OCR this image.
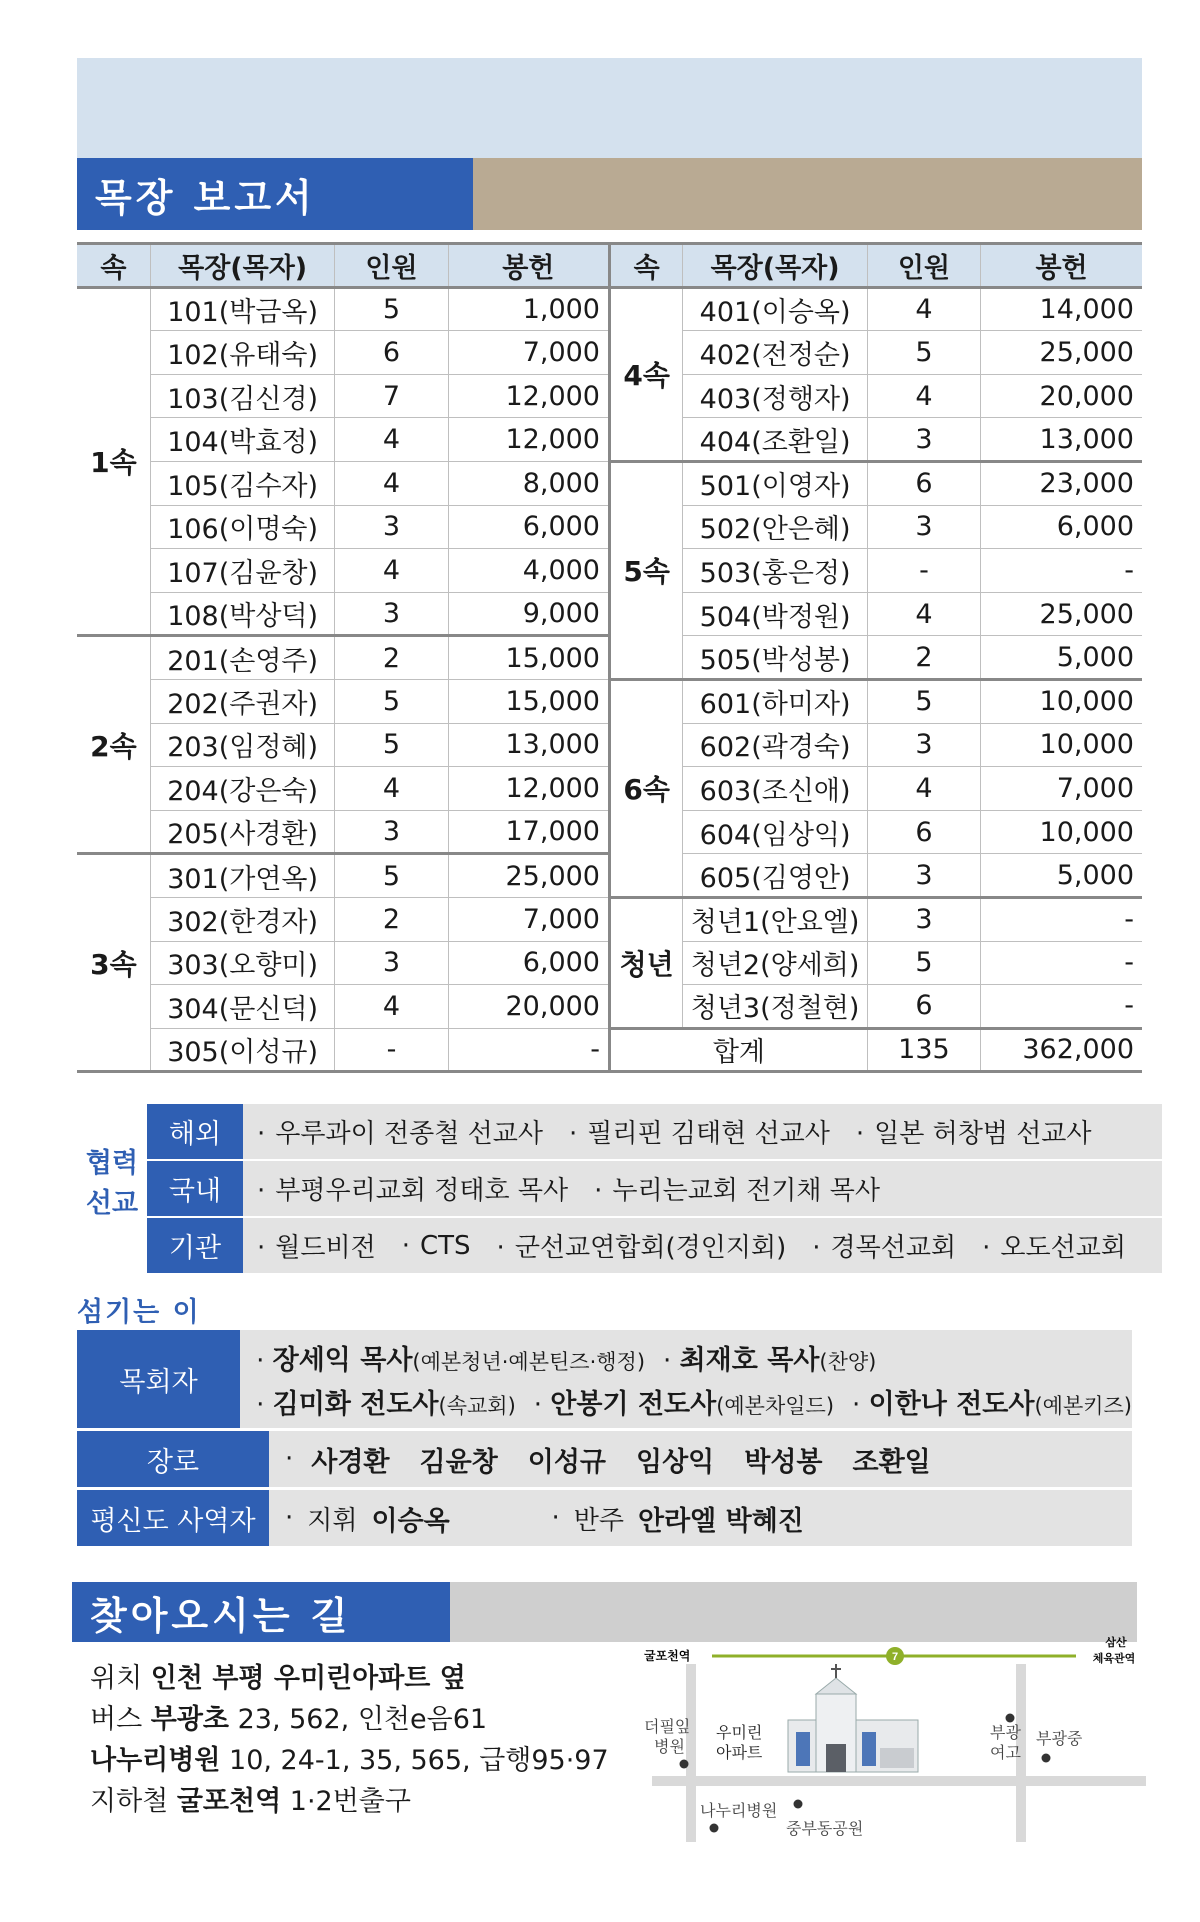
목장 보고서
속	목장(목자)	인원	봉헌	속	목장(목자)	인원	봉헌
1속	101(박금옥)	5	1,000	4속	401(이승옥)	4	14,000
	102(유태숙)	6	7,000		402(전정순)	5	25,000
	103(김신경)	7	12,000		403(정행자)	4	20,000
	104(박효정)	4	12,000		404(조환일)	3	13,000
	105(김수자)	4	8,000	5속	501(이영자)	6	23,000
	106(이명숙)	3	6,000		502(안은혜)	3	6,000
	107(김윤창)	4	4,000		503(홍은정)	-	-
	108(박상덕)	3	9,000		504(박정원)	4	25,000
2속	201(손영주)	2	15,000		505(박성봉)	2	5,000
	202(주권자)	5	15,000	6속	601(하미자)	5	10,000
	203(임정혜)	5	13,000		602(곽경숙)	3	10,000
	204(강은숙)	4	12,000		603(조신애)	4	7,000
	205(사경환)	3	17,000		604(임상익)	6	10,000
3속	301(가연옥)	5	25,000		605(김영안)	3	5,000
	302(한경자)	2	7,000	청년	청년1(안요엘)	3	-
	303(오향미)	3	6,000		청년2(양세희)	5	-
	304(문신덕)	4	20,000		청년3(정철현)	6	-
	305(이성규)	-	-	합계		135	362,000
협력
선교
해외	· 우루과이 전종철 선교사 · 필리핀 김태현 선교사 · 일본 허창범 선교사
국내	· 부평우리교회 정태호 목사 · 누리는교회 전기채 목사
기관	· 월드비전 · CTS · 군선교연합회(경인지회) · 경목선교회 · 오도선교회
섬기는 이
목회자
· 장세익 목사(예본청년·예본틴즈·행정) · 최재호 목사(찬양)
· 김미화 전도사(속교회) · 안봉기 전도사(예본차일드) · 이한나 전도사(예본키즈)
장로	· 사경환 김윤창 이성규 임상익 박성봉 조환일
평신도 사역자	· 지휘 이승옥	· 반주 안라엘 박혜진
찾아오시는 길
위치 인천 부평 우미린아파트 옆
버스 부광초 23, 562, 인천e음61
나누리병원 10, 24-1, 35, 565, 급행95·97
지하철 굴포천역 1·2번출구
7
굴포천역
삼산
체육관역
더필잎
병원
우미린
아파트
부광
여고
부광중
나누리병원
중부동공원
